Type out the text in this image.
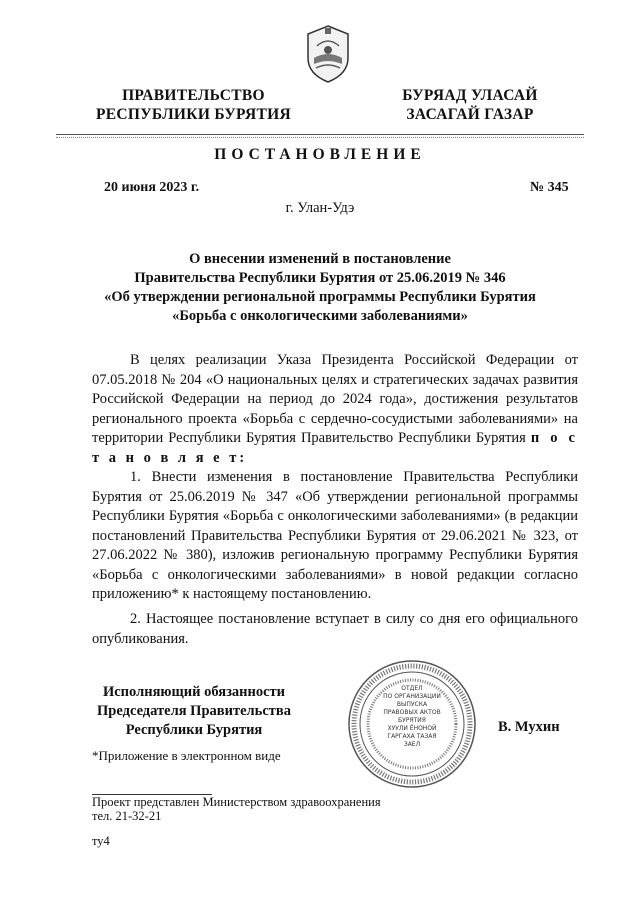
ПРАВИТЕЛЬСТВО
РЕСПУБЛИКИ БУРЯТИЯ
БУРЯАД УЛАСАЙ
ЗАСАГАЙ ГАЗАР
ПОСТАНОВЛЕНИЕ
20 июня 2023 г.	№ 345
г. Улан-Удэ
О внесении изменений в постановление
Правительства Республики Бурятия от 25.06.2019 № 346
«Об утверждении региональной программы Республики Бурятия
«Борьба с онкологическими заболеваниями»
В целях реализации Указа Президента Российской Федерации от 07.05.2018 № 204 «О национальных целях и стратегических задачах развития Российской Федерации на период до 2024 года», достижения результатов регионального проекта «Борьба с сердечно-сосудистыми заболеваниями» на территории Республики Бурятия Правительство Республики Бурятия п о с т а н о в л я е т:
1. Внести изменения в постановление Правительства Республики Бурятия от 25.06.2019 № 347 «Об утверждении региональной программы Республики Бурятия «Борьба с онкологическими заболеваниями» (в редакции постановлений Правительства Республики Бурятия от 29.06.2021 № 323, от 27.06.2022 № 380), изложив региональную программу Республики Бурятия «Борьба с онкологическими заболеваниями» в новой редакции согласно приложению* к настоящему постановлению.
2. Настоящее постановление вступает в силу со дня его официального опубликования.
ОТДЕЛ
ПО ОРГАНИЗАЦИИ
ВЫПУСКА
ПРАВОВЫХ АКТОВ
БУРЯТИЯ
ХУУЛИ ЁНОНОЙ
ГАРГАХА ТАЗАЯ
ЗАЕЛ
Исполняющий обязанности
Председателя Правительства
Республики Бурятия	В. Мухин
*Приложение в электронном виде
Проект представлен Министерством здравоохранения
тел. 21-32-21
ту4
